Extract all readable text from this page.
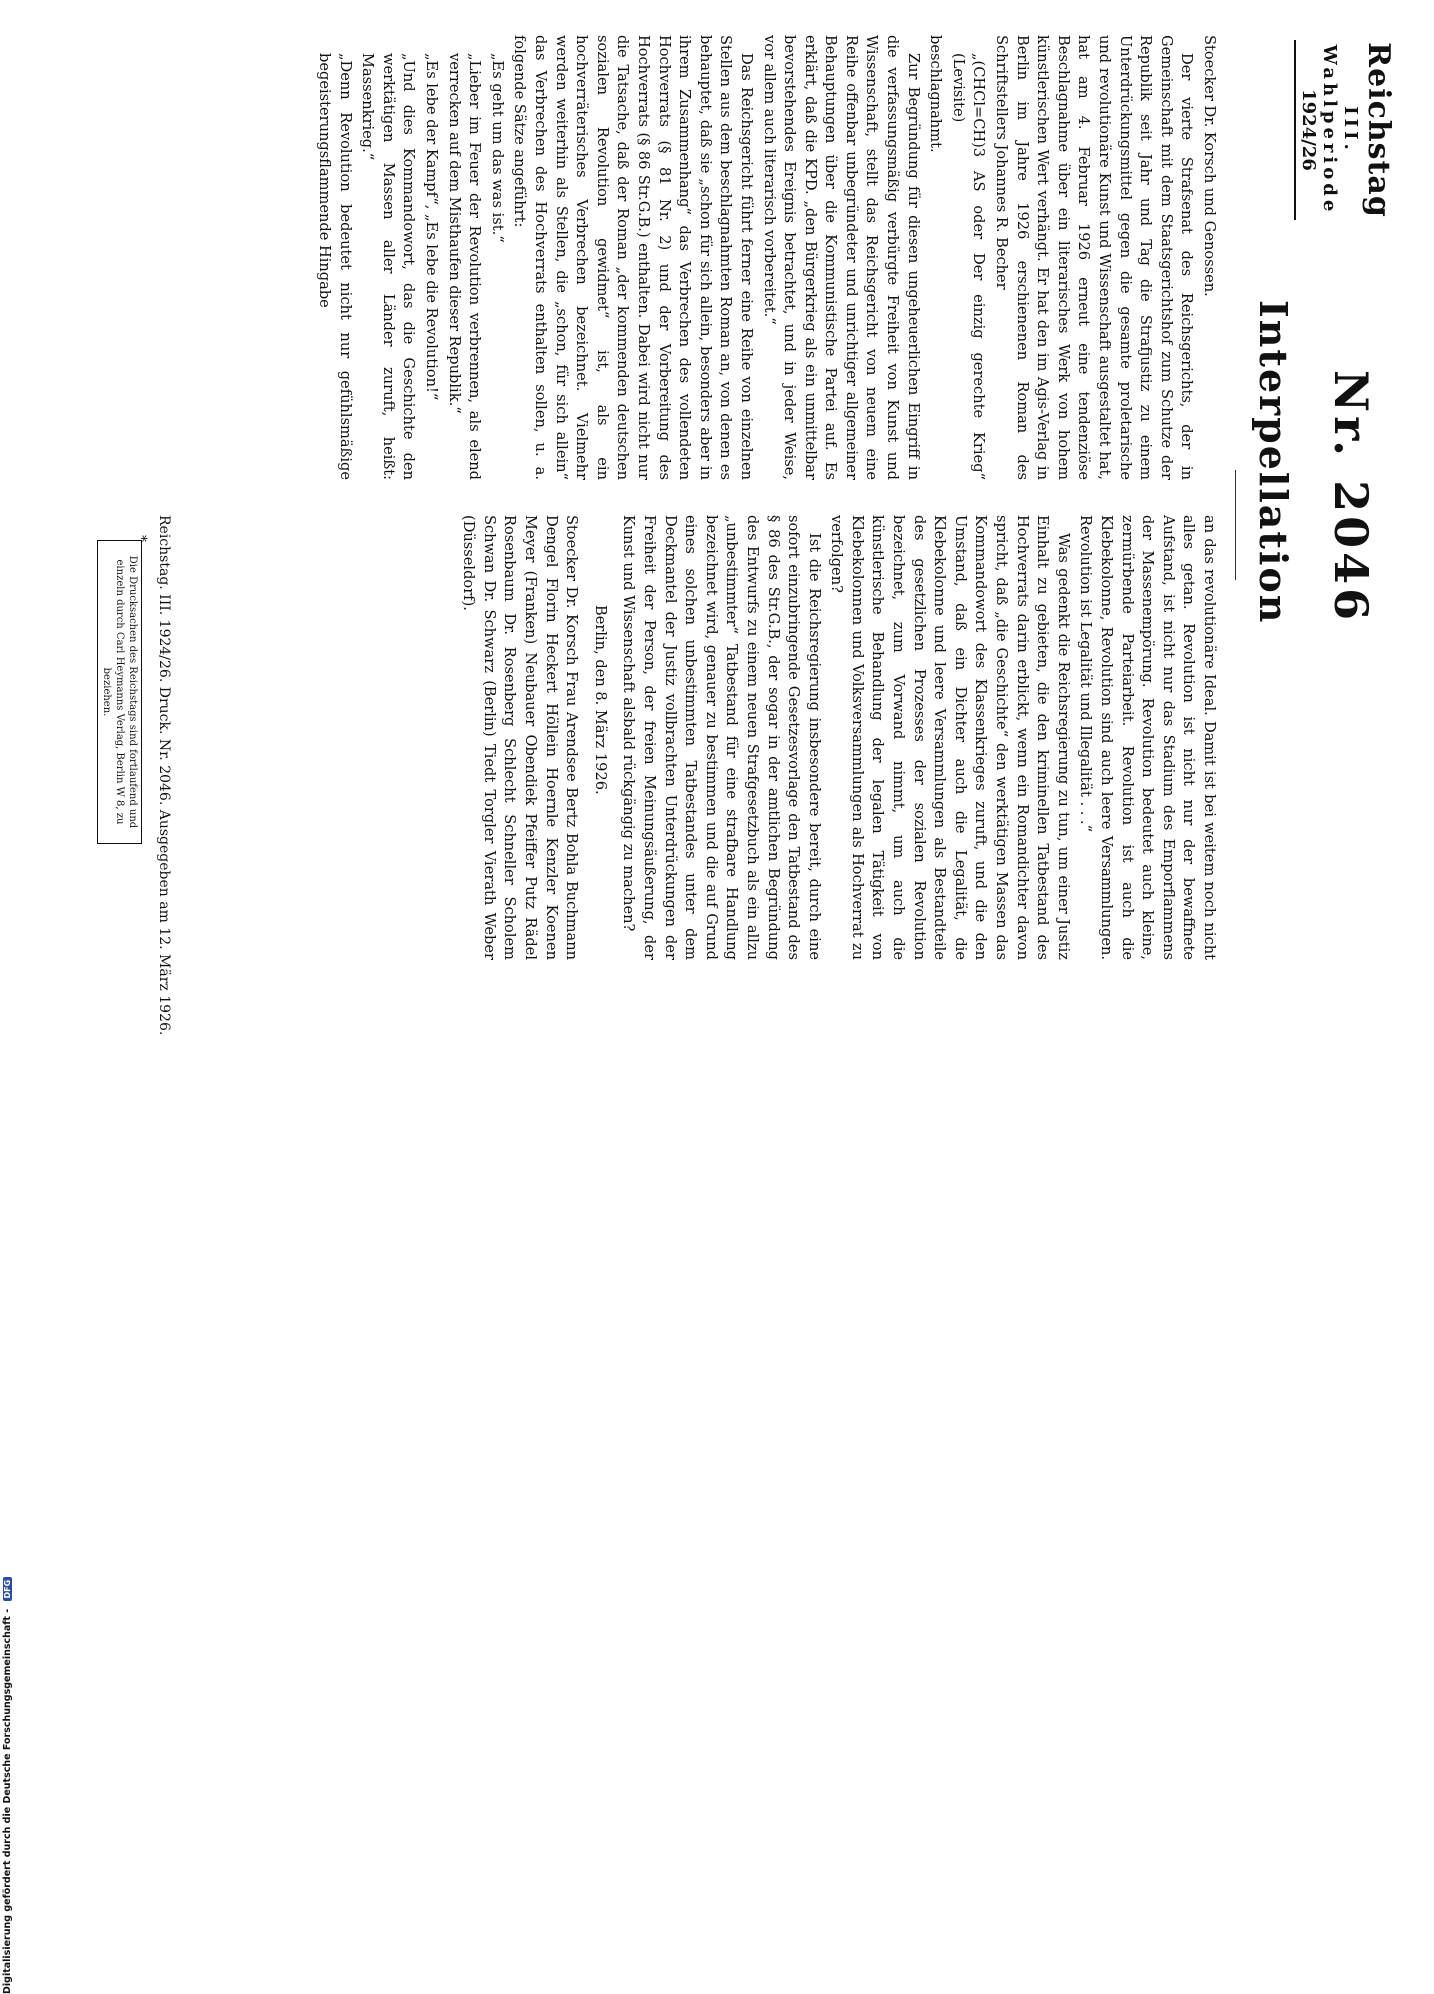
Reichstag
III. Wahlperiode
1924/26
Nr. 2046
Interpellation

Stoecker Dr. Korsch und Genossen.

Der vierte Strafsenat des Reichsgerichts, der in Gemeinschaft mit dem Staatsgerichtshof zum Schutze der Republik seit Jahr und Tag die Strafjustiz zu einem Unterdrückungsmittel gegen die gesamte proletarische und revolutionäre Kunst und Wissenschaft ausgestaltet hat, hat am 4. Februar 1926 erneut eine tendenziöse Beschlagnahme über ein literarisches Werk von hohem künstlerischen Wert verhängt. Er hat den im Agis-Verlag in Berlin im Jahre 1926 erschienenen Roman des Schriftstellers Johannes R. Becher

„(CHCl=CH)3 AS oder Der einzig gerechte Krieg“ (Levisite)

beschlagnahmt.

Zur Begründung für diesen ungeheuerlichen Eingriff in die verfassungsmäßig verbürgte Freiheit von Kunst und Wissenschaft, stellt das Reichsgericht von neuem eine Reihe offenbar unbegründeter und unrichtiger allgemeiner Behauptungen über die Kommunistische Partei auf. Es erklärt, daß die KPD. „den Bürgerkrieg als ein unmittelbar bevorstehendes Ereignis betrachtet, und in jeder Weise, vor allem auch literarisch vorbereitet.“

Das Reichsgericht führt ferner eine Reihe von einzelnen Stellen aus dem beschlagnahmten Roman an, von denen es behauptet, daß sie „schon für sich allein, besonders aber in ihrem Zusammenhang“ das Verbrechen des vollendeten Hochverrats (§ 81 Nr. 2) und der Vorbereitung des Hochverrats (§ 86 Str.G.B.) enthalten. Dabei wird nicht nur die Tatsache, daß der Roman „der kommenden deutschen sozialen Revolution gewidmet“ ist, als ein hochverräterisches Verbrechen bezeichnet. Vielmehr werden weiterhin als Stellen, die „schon, für sich allein“ das Verbrechen des Hochverrats enthalten sollen, u. a. folgende Sätze angeführt:

„Es geht um das was ist.“

„Lieber im Feuer der Revolution verbrennen, als elend verrecken auf dem Misthaufen dieser Republik.“

„Es lebe der Kampf“, „Es lebe die Revolution!“

„Und dies Kommandowort, das die Geschichte den werktätigen Massen aller Länder zuruft, heißt: Massenkrieg.“

„Denn Revolution bedeutet nicht nur gefühlsmäßige begeisterungsflammende Hingabe

an das revolutionäre Ideal. Damit ist bei weitem noch nicht alles getan. Revolution ist nicht nur der bewaffnete Aufstand, ist nicht nur das Stadium des Emporflammens der Massenempörung. Revolution bedeutet auch kleine, zermürbende Parteiarbeit. Revolution ist auch die Klebekolonne, Revolution sind auch leere Versammlungen. Revolution ist Legalität und Illegalität . . .“

Was gedenkt die Reichsregierung zu tun, um einer Justiz Einhalt zu gebieten, die den kriminellen Tatbestand des Hochverrats darin erblickt, wenn ein Romandichter davon spricht, daß „die Geschichte“ den werktätigen Massen das Kommandowort des Klassenkrieges zuruft, und die den Umstand, daß ein Dichter auch die Legalität, die Klebekolonne und leere Versammlungen als Bestandteile des gesetzlichen Prozesses der sozialen Revolution bezeichnet, zum Vorwand nimmt, um auch die künstlerische Behandlung der legalen Tätigkeit von Klebekolonnen und Volksversammlungen als Hochverrat zu verfolgen?

Ist die Reichsregierung insbesondere bereit, durch eine sofort einzubringende Gesetzesvorlage den Tatbestand des § 86 des Str.G.B., der sogar in der amtlichen Begründung des Entwurfs zu einem neuen Strafgesetzbuch als ein allzu „unbestimmter“ Tatbestand für eine strafbare Handlung bezeichnet wird, genauer zu bestimmen und die auf Grund eines solchen unbestimmten Tatbestandes unter dem Deckmantel der Justiz vollbrachten Unterdrückungen der Freiheit der Person, der freien Meinungsäußerung, der Kunst und Wissenschaft alsbald rückgängig zu machen?

Berlin, den 8. März 1926.

Stoecker Dr. Korsch Frau Arendsee Bertz Bohla Buchmann Dengel Florin Heckert Höllein Hoernle Kenzler Koenen Meyer (Franken) Neubauer Obendiek Pfeiffer Putz Rädel Rosenbaum Dr. Rosenberg Schlecht Schneller Scholem Schwan Dr. Schwarz (Berlin) Tiedt Torgler Vierath Weber (Düsseldorf).

Reichstag. III. 1924/26. Druck. Nr. 2046. Ausgegeben am 12. März 1926.
*
Die Drucksachen des Reichstags sind fortlaufend und einzeln durch Carl Heymanns Verlag, Berlin W 8, zu beziehen.
Digitalisierung gefördert durch die Deutsche Forschungsgemeinschaft - DFG
